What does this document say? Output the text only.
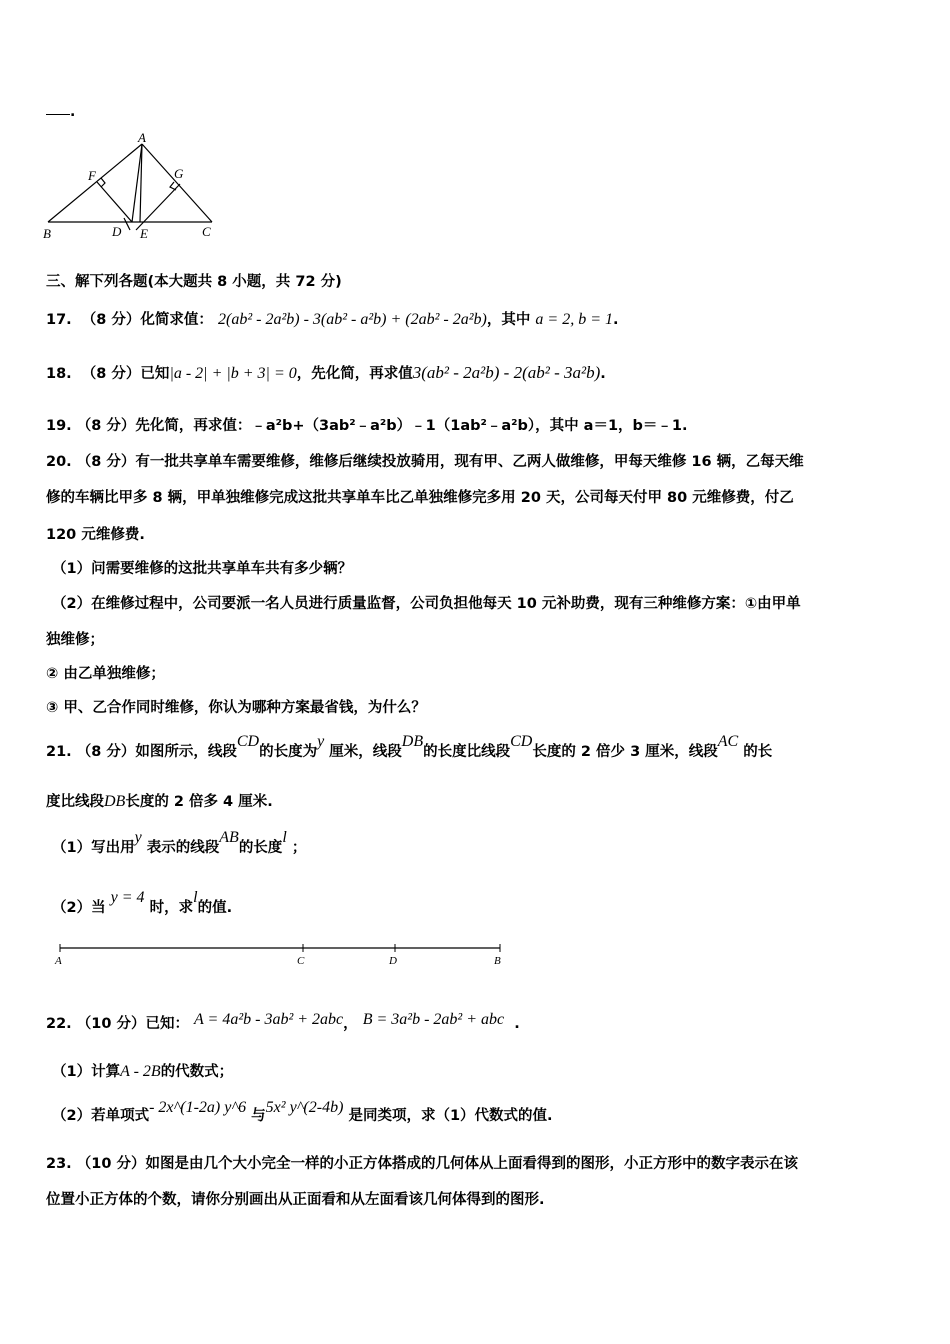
.
A
B	C
D E
F	G
三、解下列各题(本大题共 8 小题，共 72 分)
17. （8 分）化简求值： 2(ab² - 2a²b) - 3(ab² - a²b) + (2ab² - 2a²b)，其中 a = 2, b = 1.
18. （8 分）已知|a - 2| + |b + 3| = 0，先化简，再求值3(ab² - 2a²b) - 2(ab² - 3a²b).
19. （8 分）先化简，再求值：﹣a²b+（3ab²﹣a²b）﹣1（1ab²﹣a²b），其中 a＝1，b＝﹣1.
20. （8 分）有一批共享单车需要维修，维修后继续投放骑用，现有甲、乙两人做维修，甲每天维修 16 辆，乙每天维
修的车辆比甲多 8 辆，甲单独维修完成这批共享单车比乙单独维修完多用 20 天，公司每天付甲 80 元维修费，付乙
120 元维修费.
（1）问需要维修的这批共享单车共有多少辆？
（2）在维修过程中，公司要派一名人员进行质量监督，公司负担他每天 10 元补助费，现有三种维修方案：①由甲单
独维修；
② 由乙单独维修；
③ 甲、乙合作同时维修，你认为哪种方案最省钱，为什么？
21. （8 分）如图所示，线段CD的长度为y 厘米，线段DB的长度比线段CD长度的 2 倍少 3 厘米，线段AC 的长
度比线段DB长度的 2 倍多 4 厘米.
（1）写出用y 表示的线段AB的长度l ；
（2）当 y = 4 时，求l的值.
A	C	D	B
22. （10 分）已知： A = 4a²b - 3ab² + 2abc， B = 3a²b - 2ab² + abc .
（1）计算A - 2B的代数式；
（2）若单项式- 2x^(1-2a) y^6 与5x² y^(2-4b) 是同类项，求（1）代数式的值.
23. （10 分）如图是由几个大小完全一样的小正方体搭成的几何体从上面看得到的图形，小正方形中的数字表示在该
位置小正方体的个数，请你分别画出从正面看和从左面看该几何体得到的图形.
